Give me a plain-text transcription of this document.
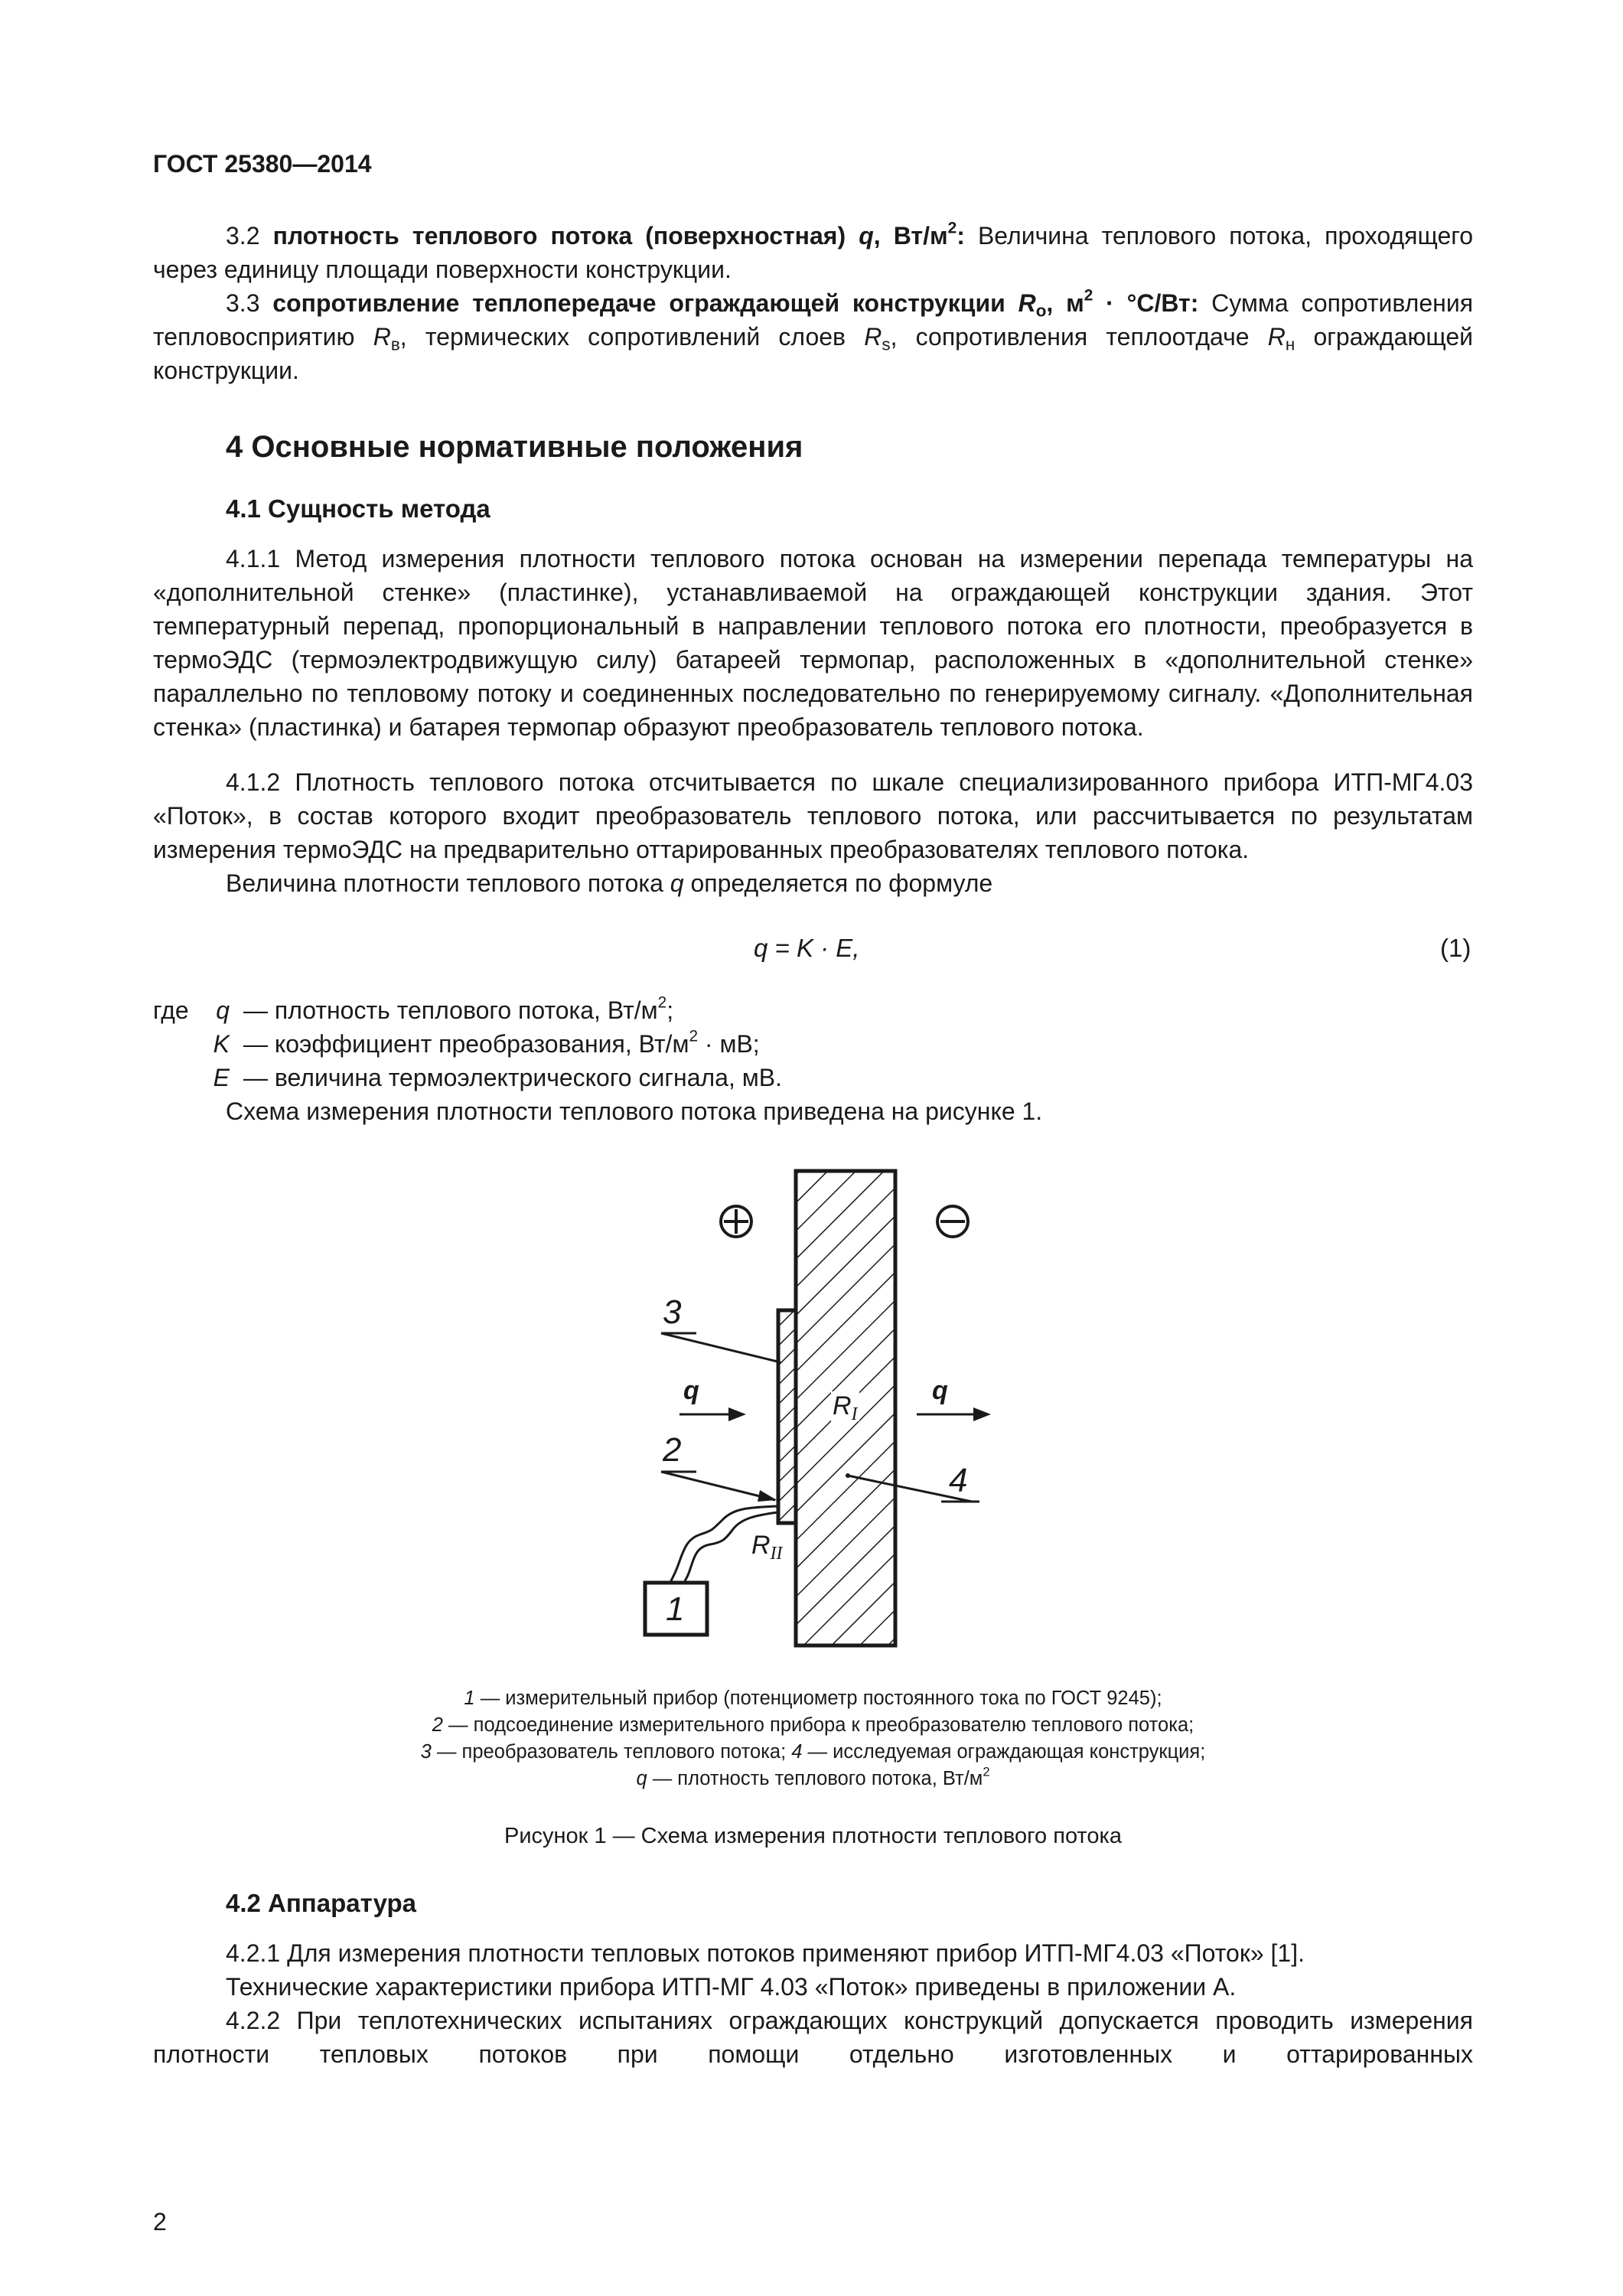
ГОСТ 25380—2014
3.2 плотность теплового потока (поверхностная) q, $Вт/м^2$: Величина теплового потока, проходящего через единицу площади поверхности конструкции.
3.3 сопротивление теплопередаче ограждающей конструкции $R_о$, $м^2 \cdot ^\circ С/Вт$: Сумма сопротивления тепловосприятию $R_в$, термических сопротивлений слоев $R_s$, сопротивления теплоотдаче $R_н$ ограждающей конструкции.
4 Основные нормативные положения
4.1 Сущность метода
4.1.1 Метод измерения плотности теплового потока основан на измерении перепада температуры на «дополнительной стенке» (пластинке), устанавливаемой на ограждающей конструкции здания. Этот температурный перепад, пропорциональный в направлении теплового потока его плотности, преобразуется в термоЭДС (термоэлектродвижущую силу) батареей термопар, расположенных в «дополнительной стенке» параллельно по тепловому потоку и соединенных последовательно по генерируемому сигналу. «Дополнительная стенка» (пластинка) и батарея термопар образуют преобразователь теплового потока.
4.1.2 Плотность теплового потока отсчитывается по шкале специализированного прибора ИТП-МГ4.03 «Поток», в состав которого входит преобразователь теплового потока, или рассчитывается по результатам измерения термоЭДС на предварительно оттарированных преобразователях теплового потока.
Величина плотности теплового потока q определяется по формуле
q = K · E,	(1)
где	q — плотность теплового потока, $Вт/м^2$;
K — коэффициент преобразования, $Вт/м^2$ · мВ;
E — величина термоэлектрического сигнала, мВ.
Схема измерения плотности теплового потока приведена на рисунке 1.
3
2
4
1
q	q
$R_I$
$R_{II}$
1 — измерительный прибор (потенциометр постоянного тока по ГОСТ 9245);
2 — подсоединение измерительного прибора к преобразователю теплового потока;
3 — преобразователь теплового потока; 4 — исследуемая ограждающая конструкция;
q — плотность теплового потока, $Вт/м^2$
Рисунок 1 — Схема измерения плотности теплового потока
4.2 Аппаратура
4.2.1 Для измерения плотности тепловых потоков применяют прибор ИТП-МГ4.03 «Поток» [1].
Технические характеристики прибора ИТП-МГ 4.03 «Поток» приведены в приложении А.
4.2.2 При теплотехнических испытаниях ограждающих конструкций допускается проводить измерения плотности тепловых потоков при помощи отдельно изготовленных и оттарированных
2
